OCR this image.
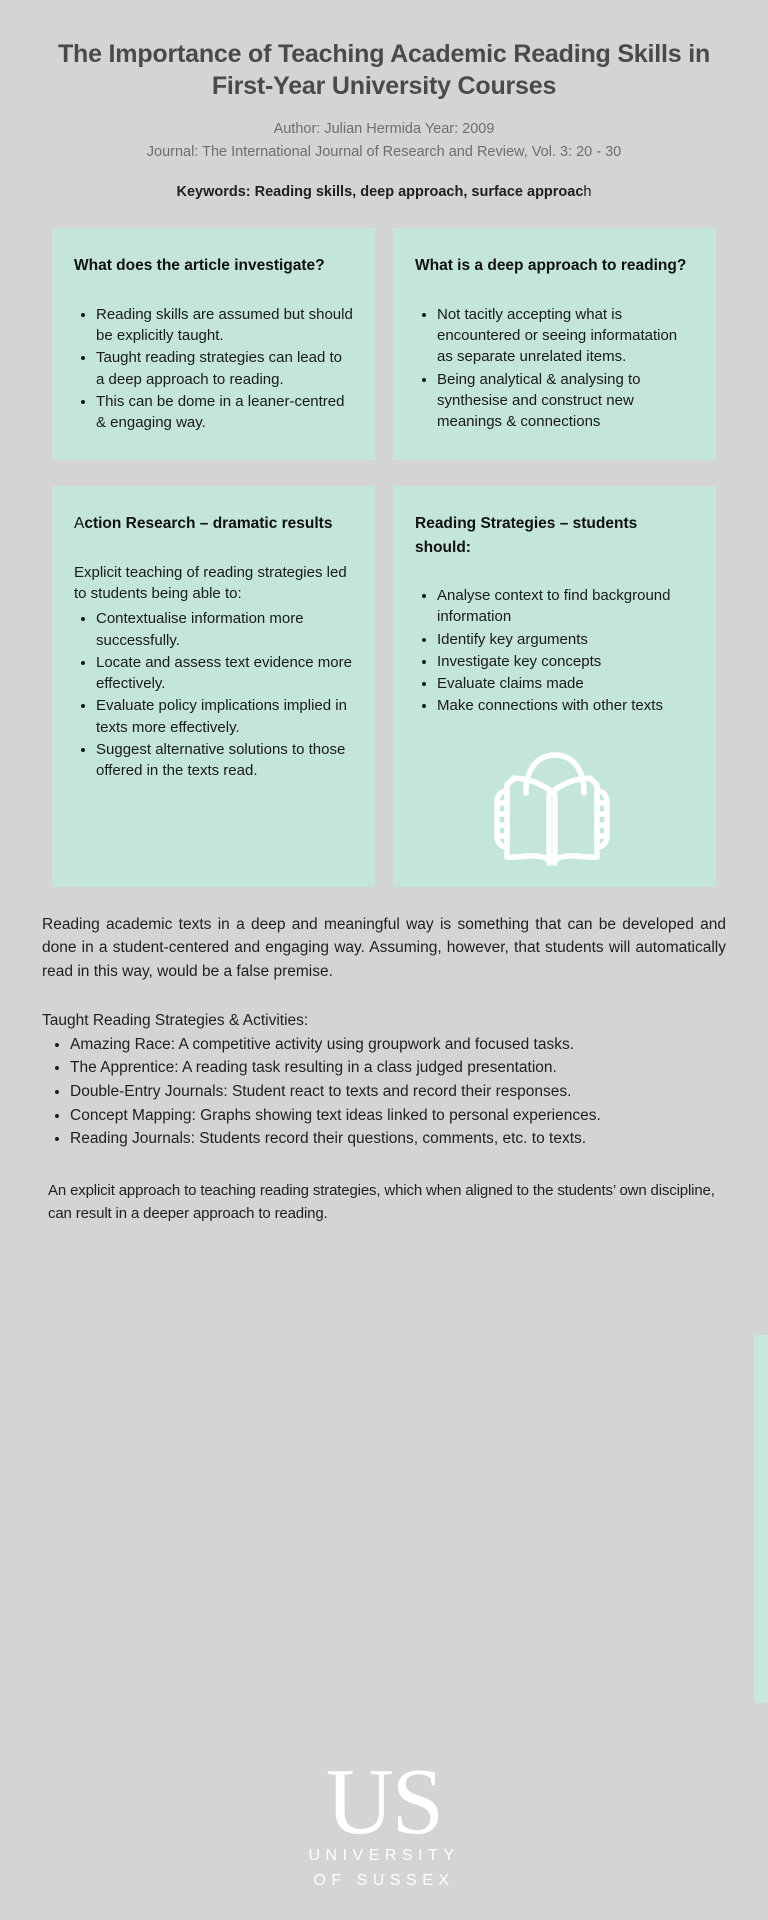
The Importance of Teaching Academic Reading Skills in First-Year University Courses
Author: Julian Hermida Year: 2009
Journal: The International Journal of Research and Review, Vol. 3: 20 - 30
Keywords: Reading skills, deep approach, surface approach
What does the article investigate?
• Reading skills are assumed but should be explicitly taught.
• Taught reading strategies can lead to a deep approach to reading.
• This can be dome in a leaner-centred & engaging way.
What is a deep approach to reading?
• Not tacitly accepting what is encountered or seeing informatation as separate unrelated items.
• Being analytical & analysing to synthesise and construct new meanings & connections
Action Research – dramatic results

Explicit teaching of reading strategies led to students being able to:

• Contextualise information more successfully.
• Locate and assess text evidence more effectively.
• Evaluate policy implications implied in texts more effectively.
• Suggest alternative solutions to those offered in the texts read.
Reading Strategies – students should:
• Analyse context to find background information
• Identify key arguments
• Investigate key concepts
• Evaluate claims made
• Make connections with other texts

Reading academic texts in a deep and meaningful way is something that can be developed and done in a student-centered and engaging way. Assuming, however, that students will automatically read in this way, would be a false premise.

Taught Reading Strategies & Activities:

• Amazing Race: A competitive activity using groupwork and focused tasks.
• The Apprentice: A reading task resulting in a class judged presentation.
• Double-Entry Journals: Student react to texts and record their responses.
• Concept Mapping: Graphs showing text ideas linked to personal experiences.
• Reading Journals: Students record their questions, comments, etc. to texts.

An explicit approach to teaching reading strategies, which when aligned to the students’ own discipline, can result in a deeper approach to reading.

US
UNIVERSITY
OF SUSSEX
